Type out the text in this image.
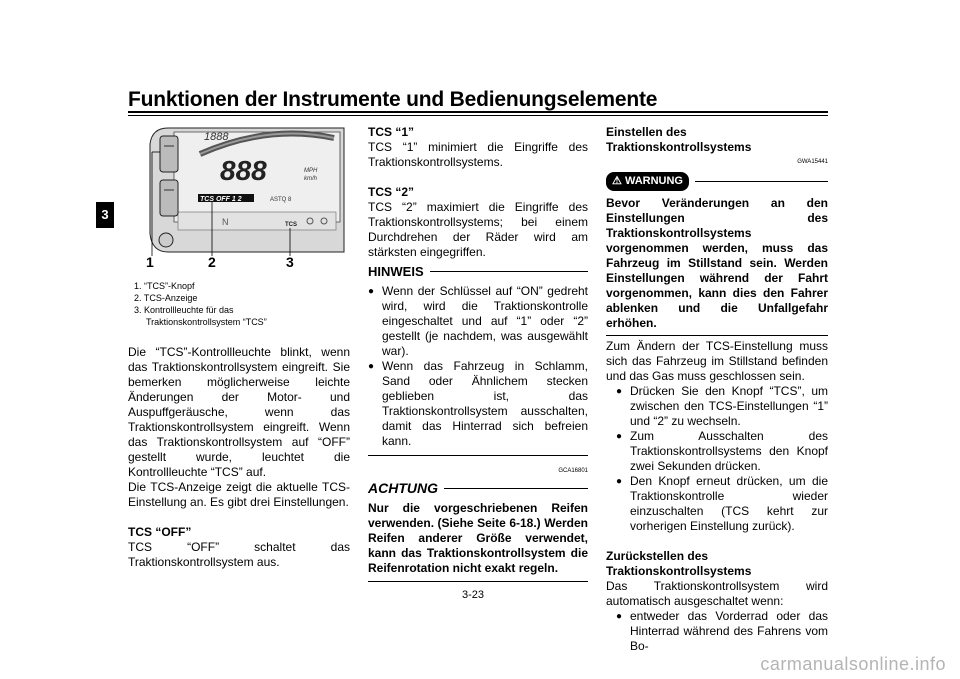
Funktionen der Instrumente und Bedienungselemente
3
1888
888	MPH
km/h
TCS OFF 1 2	ASTQ 8
N	TCS
1	2	3

1. “TCS”-Knopf

2. TCS-Anzeige

3. Kontrollleuchte für das

Traktionskontrollsystem “TCS”

Die “TCS”-Kontrollleuchte blinkt, wenn das Traktionskontrollsystem eingreift. Sie bemerken möglicherweise leichte Änderungen der Motor- und Auspuffgeräusche, wenn das Traktionskontrollsystem eingreift. Wenn das Traktionskontrollsystem auf “OFF” gestellt wurde, leuchtet die Kontrollleuchte “TCS” auf.

Die TCS-Anzeige zeigt die aktuelle TCS-Einstellung an. Es gibt drei Einstellungen.

TCS “OFF”

TCS “OFF” schaltet das Traktionskontrollsystem aus.

TCS “1”

TCS “1” minimiert die Eingriffe des Traktionskontrollsystems.

TCS “2”

TCS “2” maximiert die Eingriffe des Traktionskontrollsystems; bei einem Durchdrehen der Räder wird am stärksten eingegriffen.

HINWEIS

● Wenn der Schlüssel auf “ON” gedreht wird, wird die Traktionskontrolle eingeschaltet und auf “1” oder “2” gestellt (je nachdem, was ausgewählt war).

● Wenn das Fahrzeug in Schlamm, Sand oder Ähnlichem stecken geblieben ist, das Traktionskontrollsystem ausschalten, damit das Hinterrad sich befreien kann.

GCA16801

ACHTUNG

Nur die vorgeschriebenen Reifen verwenden. (Siehe Seite 6-18.) Werden Reifen anderer Größe verwendet, kann das Traktionskontrollsystem die Reifenrotation nicht exakt regeln.

Einstellen des Traktionskontrollsystems

GWA15441

⚠ WARNUNG

Bevor Veränderungen an den Einstellungen des Traktionskontrollsystems vorgenommen werden, muss das Fahrzeug im Stillstand sein. Werden Einstellungen während der Fahrt vorgenommen, kann dies den Fahrer ablenken und die Unfallgefahr erhöhen.

Zum Ändern der TCS-Einstellung muss sich das Fahrzeug im Stillstand befinden und das Gas muss geschlossen sein.

● Drücken Sie den Knopf “TCS”, um zwischen den TCS-Einstellungen “1” und “2” zu wechseln.

● Zum Ausschalten des Traktionskontrollsystems den Knopf zwei Sekunden drücken.

● Den Knopf erneut drücken, um die Traktionskontrolle wieder einzuschalten (TCS kehrt zur vorherigen Einstellung zurück).

Zurückstellen des Traktionskontrollsystems

Das Traktionskontrollsystem wird automatisch ausgeschaltet wenn:

● entweder das Vorderrad oder das Hinterrad während des Fahrens vom Bo-

3-23
carmanualsonline.info
